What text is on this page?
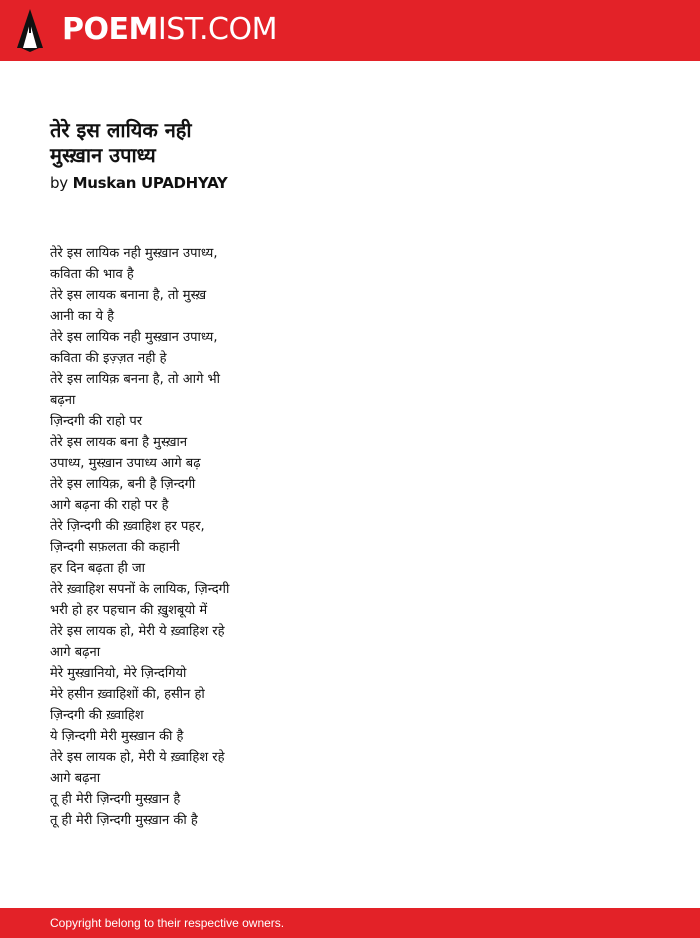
POEMIST.COM
तेरे इस लायिक नही
मुस्ख़ान उपाध्य
by Muskan UPADHYAY
तेरे इस लायिक नही मुस्ख़ान उपाध्य,
कविता की भाव है
तेरे इस लायक बनाना है, तो मुस्ख़
आनी का ये है
तेरे इस लायिक नही मुस्ख़ान उपाध्य,
कविता की इज़्ज़त नही हे
तेरे इस लायिक़ बनना है, तो आगे भी
बढ़ना
ज़िन्दगी की राहो पर
तेरे इस लायक बना है मुस्ख़ान
उपाध्य, मुस्ख़ान उपाध्य आगे बढ़
तेरे इस लायिक़, बनी है ज़िन्दगी
आगे बढ़ना की राहो पर है
तेरे ज़िन्दगी की ख़्वाहिश हर पहर,
ज़िन्दगी सफ़लता की कहानी
हर दिन बढ़ता ही जा
तेरे ख़्वाहिश सपनों के लायिक, ज़िन्दगी
भरी हो हर पहचान की ख़ुशबूयो में
तेरे इस लायक हो, मेरी ये ख़्वाहिश रहे
आगे बढ़ना
मेरे मुस्ख़ानियो, मेरे ज़िन्दगियो
मेरे हसीन ख़्वाहिशों की, हसीन हो
ज़िन्दगी की ख़्वाहिश
ये ज़िन्दगी मेरी मुस्ख़ान की है
तेरे इस लायक हो, मेरी ये ख़्वाहिश रहे
आगे बढ़ना
तू ही मेरी ज़िन्दगी मुस्ख़ान है
तू ही मेरी ज़िन्दगी मुस्ख़ान की है
Copyright belong to their respective owners.
